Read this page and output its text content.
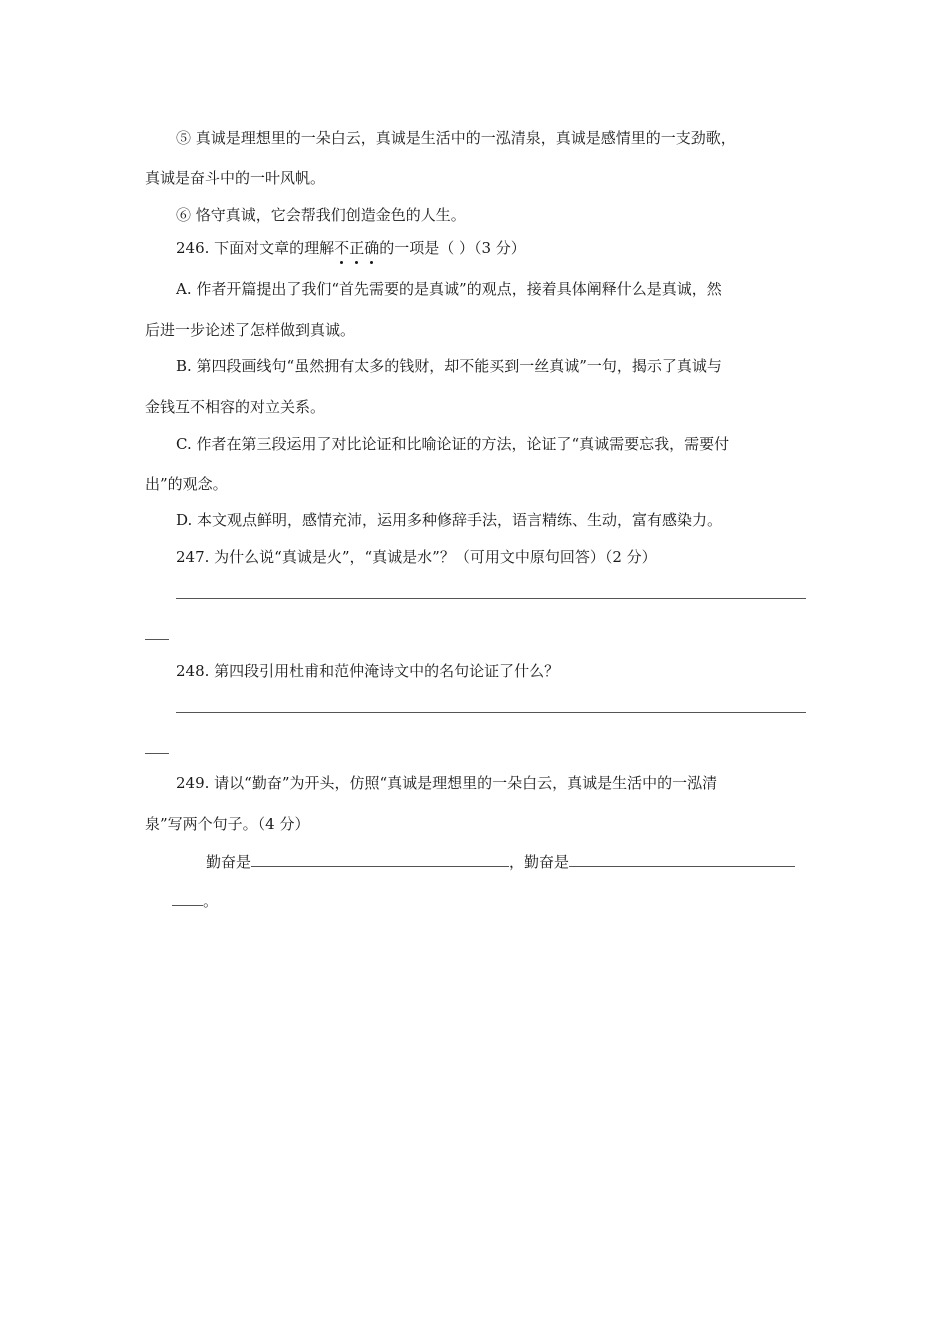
⑤ 真诚是理想里的一朵白云，真诚是生活中的一泓清泉，真诚是感情里的一支劲歌，
真诚是奋斗中的一叶风帆。
⑥ 恪守真诚，它会帮我们创造金色的人生。
246. 下面对文章的理解不正确的一项是（ ）（3 分）
A. 作者开篇提出了我们“首先需要的是真诚”的观点，接着具体阐释什么是真诚，然
后进一步论述了怎样做到真诚。
B. 第四段画线句“虽然拥有太多的钱财，却不能买到一丝真诚”一句，揭示了真诚与
金钱互不相容的对立关系。
C. 作者在第三段运用了对比论证和比喻论证的方法，论证了“真诚需要忘我，需要付
出”的观念。
D. 本文观点鲜明，感情充沛，运用多种修辞手法，语言精练、生动，富有感染力。
247. 为什么说“真诚是火”，“真诚是水”？（可用文中原句回答）（2 分）
248. 第四段引用杜甫和范仲淹诗文中的名句论证了什么？
249. 请以“勤奋”为开头，仿照“真诚是理想里的一朵白云，真诚是生活中的一泓清
泉”写两个句子。（4 分）
勤奋是	，勤奋是
。
